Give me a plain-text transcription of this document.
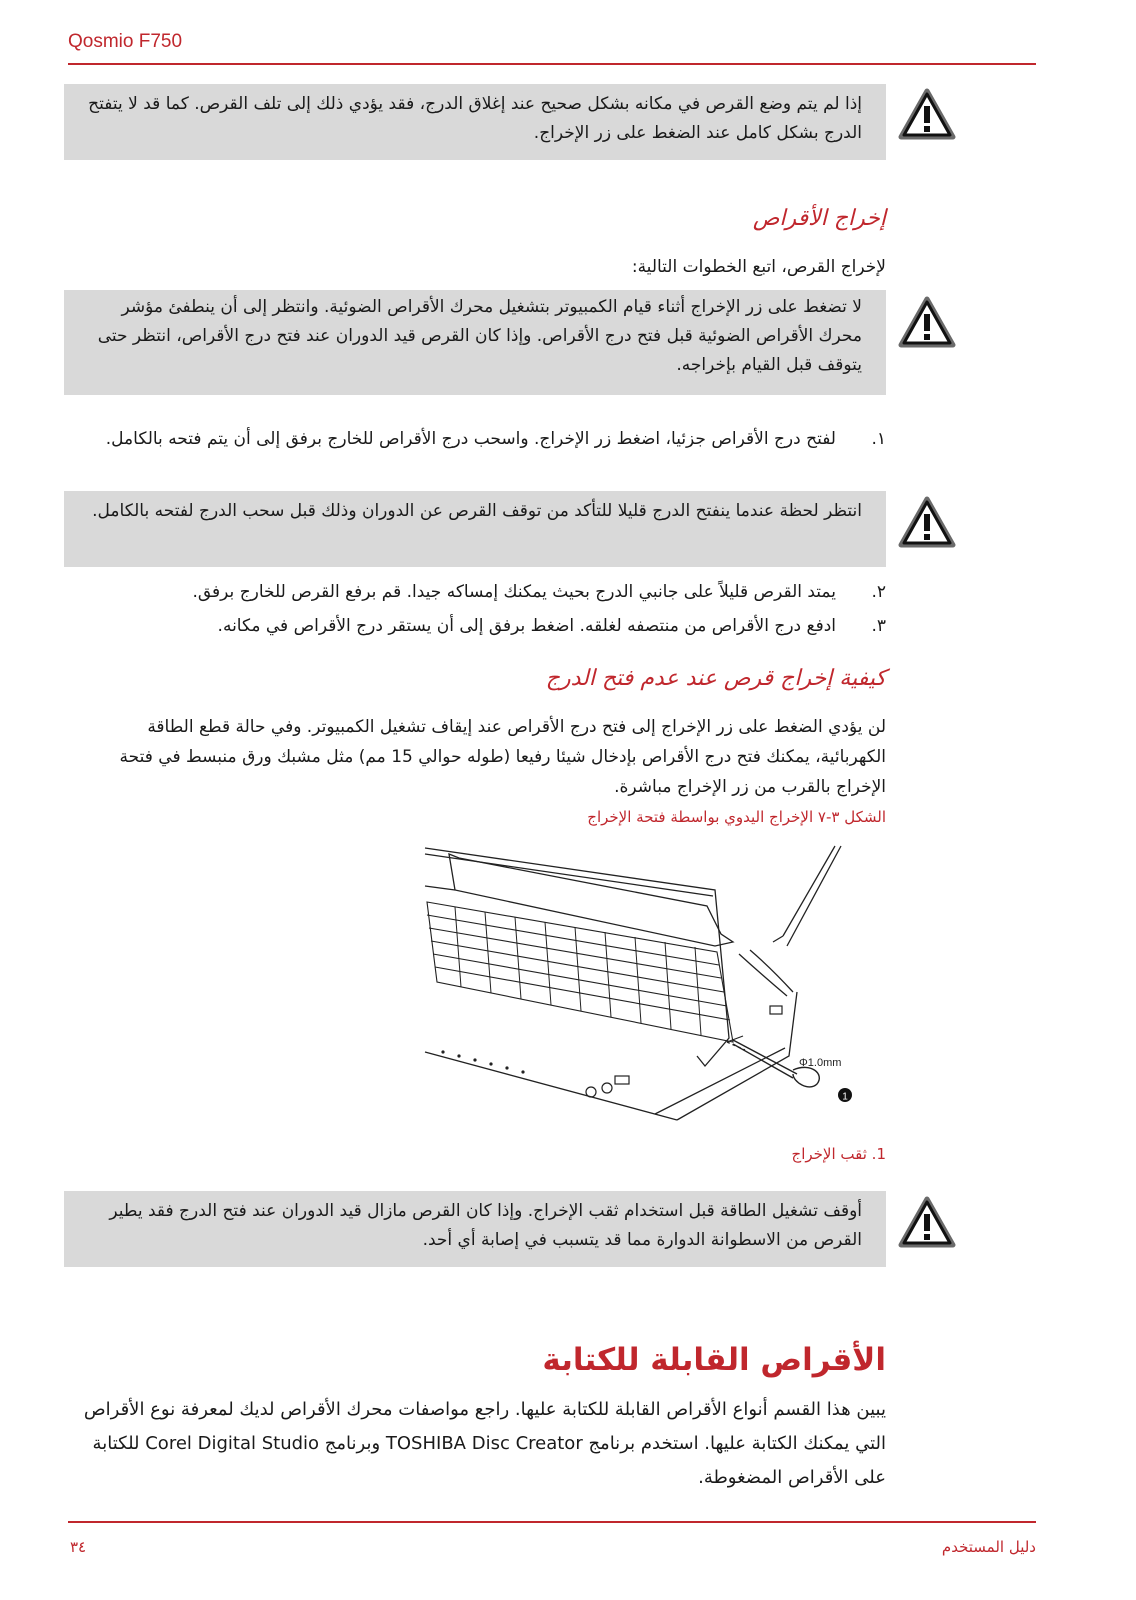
Qosmio F750

إذا لم يتم وضع القرص في مكانه بشكل صحيح عند إغلاق الدرج، فقد يؤدي ذلك إلى تلف القرص. كما قد لا يتفتح الدرج بشكل كامل عند الضغط على زر الإخراج.

إخراج الأقراص

لإخراج القرص، اتبع الخطوات التالية:

لا تضغط على زر الإخراج أثناء قيام الكمبيوتر بتشغيل محرك الأقراص الضوئية. وانتظر إلى أن ينطفئ مؤشر محرك الأقراص الضوئية قبل فتح درج الأقراص. وإذا كان القرص قيد الدوران عند فتح درج الأقراص، انتظر حتى يتوقف قبل القيام بإخراجه.

١.لفتح درج الأقراص جزئيا، اضغط زر الإخراج. واسحب درج الأقراص للخارج برفق إلى أن يتم فتحه بالكامل.

انتظر لحظة عندما ينفتح الدرج قليلا للتأكد من توقف القرص عن الدوران وذلك قبل سحب الدرج لفتحه بالكامل.

٢.يمتد القرص قليلاً على جانبي الدرج بحيث يمكنك إمساكه جيدا. قم برفع القرص للخارج برفق.
٣.ادفع درج الأقراص من منتصفه لغلقه. اضغط برفق إلى أن يستقر درج الأقراص في مكانه.
كيفية إخراج قرص عند عدم فتح الدرج

لن يؤدي الضغط على زر الإخراج إلى فتح درج الأقراص عند إيقاف تشغيل الكمبيوتر. وفي حالة قطع الطاقة الكهربائية، يمكنك فتح درج الأقراص بإدخال شيئا رفيعا (طوله حوالي 15 مم) مثل مشبك ورق منبسط في فتحة الإخراج بالقرب من زر الإخراج مباشرة.

الشكل ٣-٧ الإخراج اليدوي بواسطة فتحة الإخراج
1
Φ1.0mm
1. ثقب الإخراج

أوقف تشغيل الطاقة قبل استخدام ثقب الإخراج. وإذا كان القرص مازال قيد الدوران عند فتح الدرج فقد يطير القرص من الاسطوانة الدوارة مما قد يتسبب في إصابة أي أحد.

الأقراص القابلة للكتابة

يبين هذا القسم أنواع الأقراص القابلة للكتابة عليها. راجع مواصفات محرك الأقراص لديك لمعرفة نوع الأقراص التي يمكنك الكتابة عليها. استخدم برنامج TOSHIBA Disc Creator وبرنامج Corel Digital Studio للكتابة على الأقراص المضغوطة.

٣٤	دليل المستخدم
